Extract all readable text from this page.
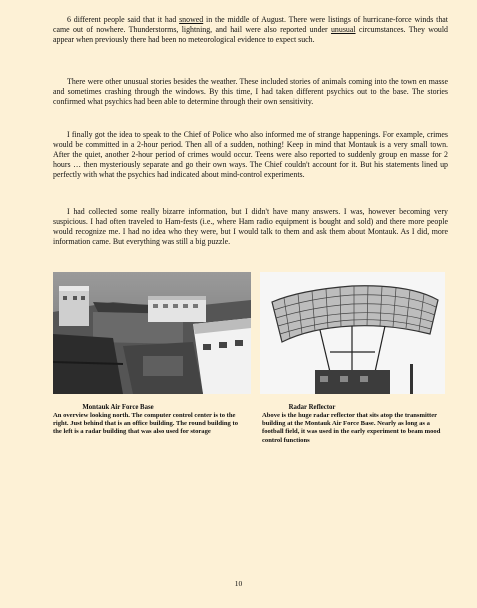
6 different people said that it had snowed in the middle of August. There were listings of hurricane-force winds that came out of nowhere. Thunderstorms, lightning, and hail were also reported under unusual circumstances. They would appear when previously there had been no meteorological evidence to expect such.

There were other unusual stories besides the weather. These included stories of animals coming into the town en masse and sometimes crashing through the windows. By this time, I had taken different psychics out to the base. The stories confirmed what psychics had been able to determine through their own sensitivity.

I finally got the idea to speak to the Chief of Police who also informed me of strange happenings. For example, crimes would be committed in a 2-hour period. Then all of a sudden, nothing! Keep in mind that Montauk is a very small town. After the quiet, another 2-hour period of crimes would occur. Teens were also reported to suddenly group en masse for 2 hours … then mysteriously separate and go their own ways. The Chief couldn't account for it. But his statements lined up perfectly with what the psychics had indicated about mind-control experiments.

I had collected some really bizarre information, but I didn't have many answers. I was, however becoming very suspicious. I had often traveled to Ham-fests (i.e., where Ham radio equipment is bought and sold) and there more people would recognize me. I had no idea who they were, but I would talk to them and ask them about Montauk. As I did, more information came. But everything was still a big puzzle.

Montauk Air Force Base

An overview looking north. The computer control center is to the right. Just behind that is an office building. The round building to the left is a radar building that was also used for storage

Radar Reflector

Above is the huge radar reflector that sits atop the transmitter building at the Montauk Air Force Base. Nearly as long as a football field, it was used in the early experiment to beam mood control functions

10
